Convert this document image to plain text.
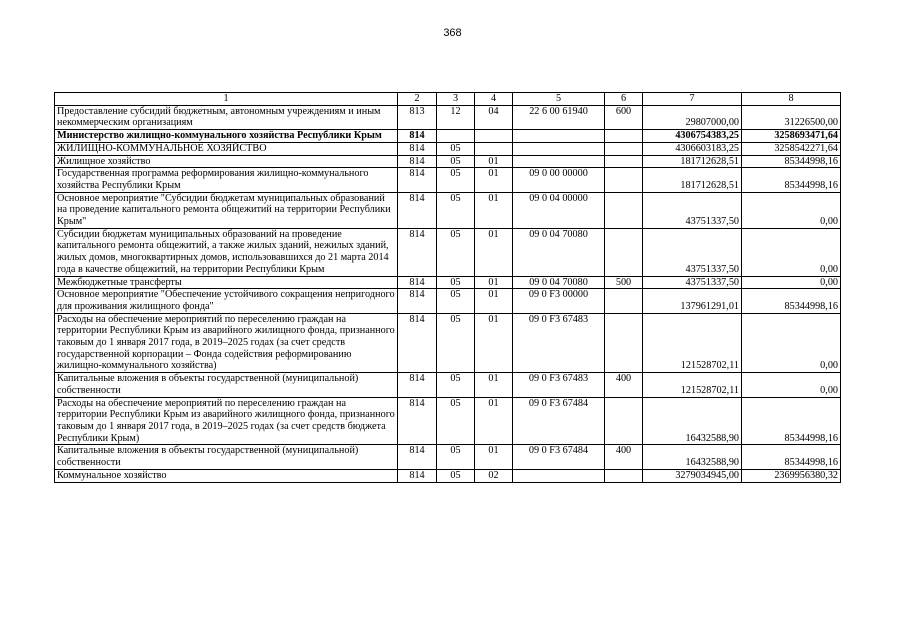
368
1	2	3	4	5	6	7	8
Предоставление субсидий бюджетным, автономным учреждениям и иным некоммерческим организациям	813	12	04	22 6 00 61940	600	29807000,00	31226500,00
Министерство жилищно-коммунального хозяйства Республики Крым	814					4306754383,25	3258693471,64
ЖИЛИЩНО-КОММУНАЛЬНОЕ ХОЗЯЙСТВО	814	05				4306603183,25	3258542271,64
Жилищное хозяйство	814	05	01			181712628,51	85344998,16
Государственная программа реформирования жилищно-коммунального хозяйства Республики Крым	814	05	01	09 0 00 00000		181712628,51	85344998,16
Основное мероприятие "Субсидии бюджетам муниципальных образований на проведение капитального ремонта общежитий на территории Республики Крым"	814	05	01	09 0 04 00000		43751337,50	0,00
Субсидии бюджетам муниципальных образований на проведение капитального ремонта общежитий, а также жилых зданий, нежилых зданий, жилых домов, многоквартирных домов, использовавшихся до 21 марта 2014 года в качестве общежитий, на территории Республики Крым	814	05	01	09 0 04 70080		43751337,50	0,00
Межбюджетные трансферты	814	05	01	09 0 04 70080	500	43751337,50	0,00
Основное мероприятие "Обеспечение устойчивого сокращения непригодного для проживания жилищного фонда"	814	05	01	09 0 F3 00000		137961291,01	85344998,16
Расходы на обеспечение мероприятий по переселению граждан на территории Республики Крым из аварийного жилищного фонда, признанного таковым до 1 января 2017 года, в 2019–2025 годах (за счет средств государственной корпорации – Фонда содействия реформированию жилищно-коммунального хозяйства)	814	05	01	09 0 F3 67483		121528702,11	0,00
Капитальные вложения в объекты государственной (муниципальной) собственности	814	05	01	09 0 F3 67483	400	121528702,11	0,00
Расходы на обеспечение мероприятий по переселению граждан на территории Республики Крым из аварийного жилищного фонда, признанного таковым до 1 января 2017 года, в 2019–2025 годах (за счет средств бюджета Республики Крым)	814	05	01	09 0 F3 67484		16432588,90	85344998,16
Капитальные вложения в объекты государственной (муниципальной) собственности	814	05	01	09 0 F3 67484	400	16432588,90	85344998,16
Коммунальное хозяйство	814	05	02			3279034945,00	2369956380,32
